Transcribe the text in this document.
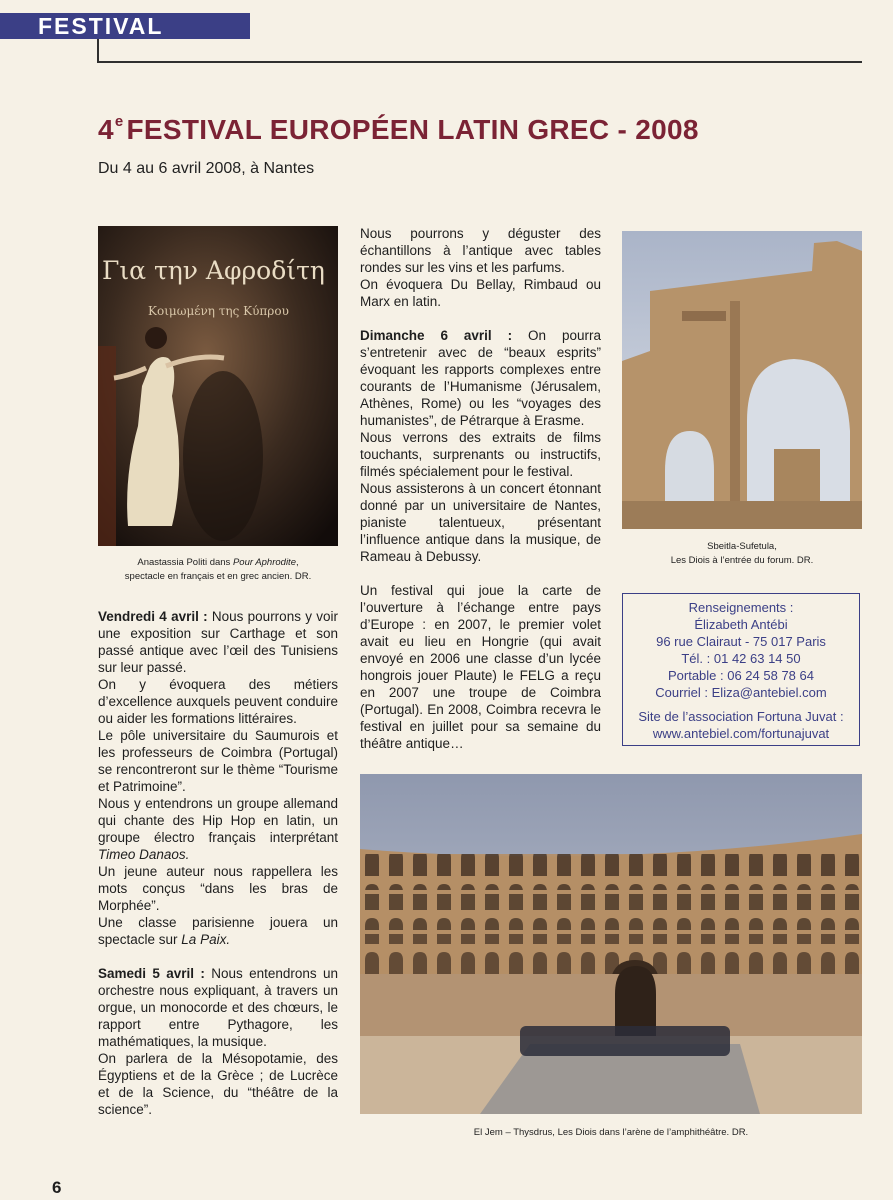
FESTIVAL
4e FESTIVAL EUROPÉEN LATIN GREC - 2008
Du 4 au 6 avril 2008, à Nantes
Για την Αφροδίτη
Κοιμωμένη της Κύπρου
Anastassia Politi dans Pour Aphrodite,
spectacle en français et en grec ancien. DR.
Sbeitla-Sufetula,
Les Diois à l’entrée du forum. DR.

Vendredi 4 avril : Nous pourrons y voir une exposition sur Carthage et son passé antique avec l’œil des Tunisiens sur leur passé.

On y évoquera des métiers d’excellence auxquels peuvent conduire ou aider les formations littéraires.

Le pôle universitaire du Saumurois et les professeurs de Coimbra (Portugal) se rencontreront sur le thème “Tourisme et Patrimoine”.

Nous y entendrons un groupe allemand qui chante des Hip Hop en latin, un groupe électro français interprétant Timeo Danaos.

Un jeune auteur nous rappellera les mots conçus “dans les bras de Morphée”.

Une classe parisienne jouera un spectacle sur La Paix.

Samedi 5 avril : Nous entendrons un orchestre nous expliquant, à travers un orgue, un monocorde et des chœurs, le rapport entre Pythagore, les mathématiques, la musique.

On parlera de la Mésopotamie, des Égyptiens et de la Grèce ; de Lucrèce et de la Science, du “théâtre de la science”.

Nous pourrons y déguster des échantillons à l’antique avec tables rondes sur les vins et les parfums.

On évoquera Du Bellay, Rimbaud ou Marx en latin.

Dimanche 6 avril : On pourra s’entretenir avec de “beaux esprits” évoquant les rapports complexes entre courants de l’Humanisme (Jérusalem, Athènes, Rome) ou les “voyages des humanistes”, de Pétrarque à Erasme.

Nous verrons des extraits de films touchants, surprenants ou instructifs, filmés spécialement pour le festival.

Nous assisterons à un concert étonnant donné par un universitaire de Nantes, pianiste talentueux, présentant l’influence antique dans la musique, de Rameau à Debussy.

Un festival qui joue la carte de l’ouverture à l’échange entre pays d’Europe : en 2007, le premier volet avait eu lieu en Hongrie (qui avait envoyé en 2006 une classe d’un lycée hongrois jouer Plaute) le FELG a reçu en 2007 une troupe de Coimbra (Portugal). En 2008, Coimbra recevra le festival en juillet pour sa semaine du théâtre antique…

Renseignements :
Élizabeth Antébi
96 rue Clairaut - 75 017 Paris
Tél. : 01 42 63 14 50
Portable : 06 24 58 78 64
Courriel : Eliza@antebiel.com
Site de l’association Fortuna Juvat :
www.antebiel.com/fortunajuvat
El Jem – Thysdrus, Les Diois dans l’arène de l’amphithéâtre. DR.
6
